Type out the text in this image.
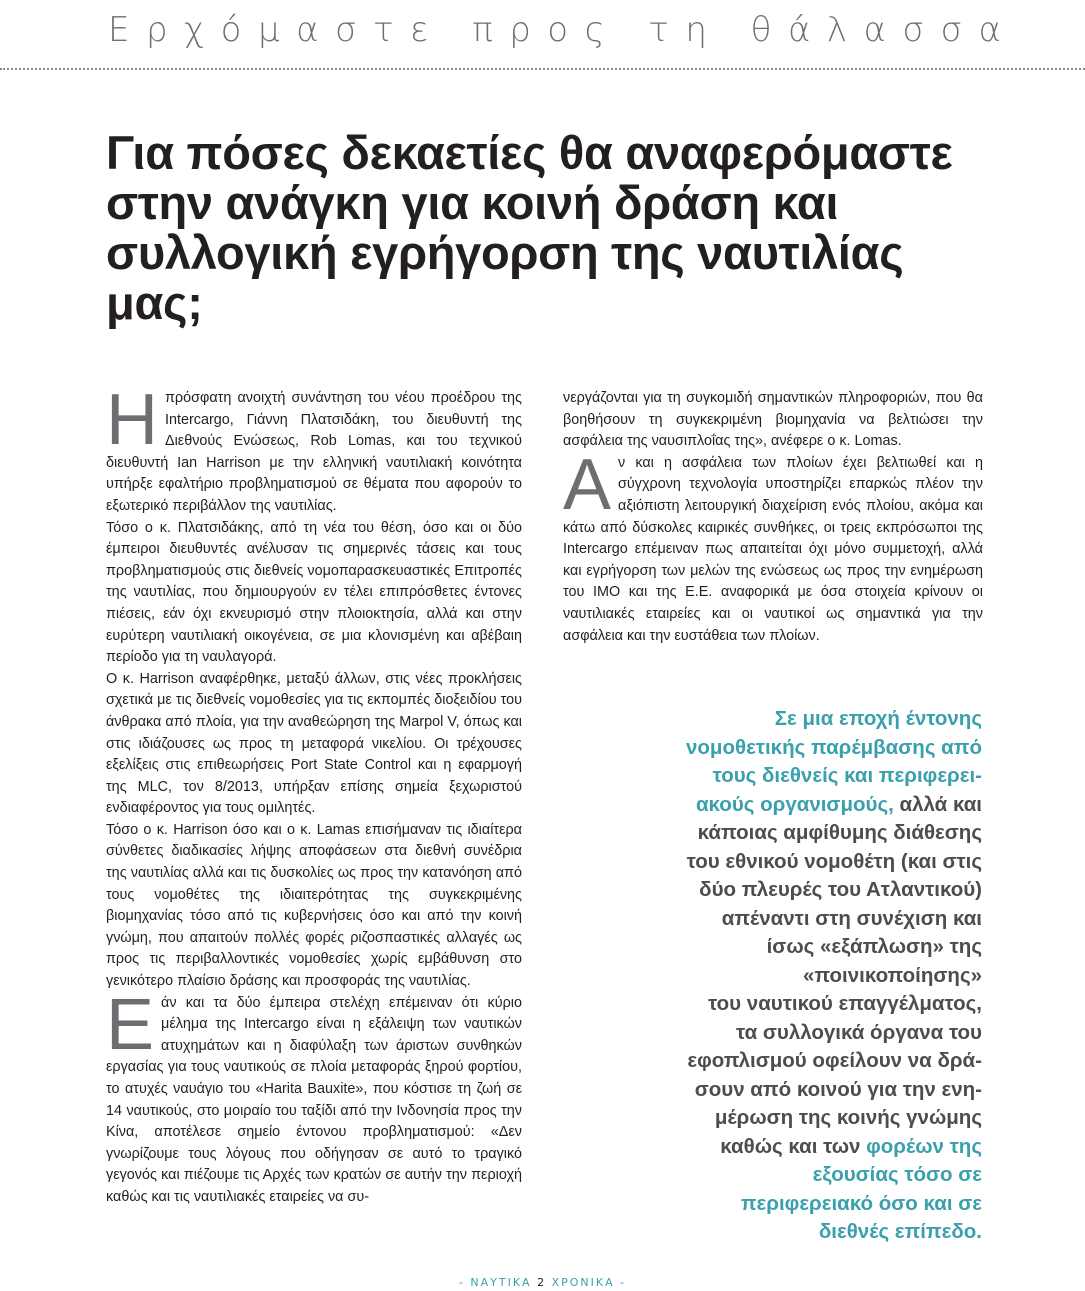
Ερχόμαστε προς τη θάλασσα
Για πόσες δεκαετίες θα αναφερόμαστε
στην ανάγκη για κοινή δράση και
συλλογική εγρήγορση της ναυτιλίας μας;

Ηπρόσφατη ανοιχτή συνάντηση του νέου προέδρου της Intercargo, Γιάννη Πλατσιδάκη, του διευθυντή της Διεθνούς Ενώσεως, Rob Lomas, και του τεχνικού διευθυντή Ian Harrison με την ελληνική ναυτιλιακή κοινότητα υπήρξε εφαλτήριο προβληματισμού σε θέματα που αφορούν το εξωτερικό περιβάλλον της ναυτιλίας.

Τόσο ο κ. Πλατσιδάκης, από τη νέα του θέση, όσο και οι δύο έμπειροι διευθυντές ανέλυσαν τις σημερινές τάσεις και τους προβληματισμούς στις διεθνείς νομοπαρασκευαστικές Επιτροπές της ναυτιλίας, που δημιουργούν εν τέλει επιπρόσθετες έντονες πιέσεις, εάν όχι εκνευρισμό στην πλοιοκτησία, αλλά και στην ευρύτερη ναυτιλιακή οικογένεια, σε μια κλονισμένη και αβέβαιη περίοδο για τη ναυλαγορά.

Ο κ. Harrison αναφέρθηκε, μεταξύ άλλων, στις νέες προκλήσεις σχετικά με τις διεθνείς νομοθεσίες για τις εκπομπές διοξειδίου του άνθρακα από πλοία, για την αναθεώρηση της Marpol V, όπως και στις ιδιάζουσες ως προς τη μεταφορά νικελίου. Οι τρέχουσες εξελίξεις στις επιθεωρήσεις Port State Control και η εφαρμογή της MLC, τον 8/2013, υπήρξαν επίσης σημεία ξεχωριστού ενδιαφέροντος για τους ομιλητές.

Τόσο ο κ. Harrison όσο και ο κ. Lamas επισήμαναν τις ιδιαίτερα σύνθετες διαδικασίες λήψης αποφάσεων στα διεθνή συνέδρια της ναυτιλίας αλλά και τις δυσκολίες ως προς την κατανόηση από τους νομοθέτες της ιδιαιτερότητας της συγκεκριμένης βιομηχανίας τόσο από τις κυβερνήσεις όσο και από την κοινή γνώμη, που απαιτούν πολλές φορές ριζοσπαστικές αλλαγές ως προς τις περιβαλλοντικές νομοθεσίες χωρίς εμβάθυνση στο γενικότερο πλαίσιο δράσης και προσφοράς της ναυτιλίας.

Εάν και τα δύο έμπειρα στελέχη επέμειναν ότι κύριο μέλημα της Intercargo είναι η εξάλειψη των ναυτικών ατυχημάτων και η διαφύλαξη των άριστων συνθηκών εργασίας για τους ναυτικούς σε πλοία μεταφοράς ξηρού φορτίου, το ατυχές ναυάγιο του «Harita Bauxite», που κόστισε τη ζωή σε 14 ναυτικούς, στο μοιραίο του ταξίδι από την Ινδονησία προς την Κίνα, αποτέλεσε σημείο έντονου προβληματισμού: «Δεν γνωρίζουμε τους λόγους που οδήγησαν σε αυτό το τραγικό γεγονός και πιέζουμε τις Αρχές των κρατών σε αυτήν την περιοχή καθώς και τις ναυτιλιακές εταιρείες να συ-

νεργάζονται για τη συγκομιδή σημαντικών πληροφοριών, που θα βοηθήσουν τη συγκεκριμένη βιομηχανία να βελτιώσει την ασφάλεια της ναυσιπλοΐας της», ανέφερε ο κ. Lomas.

Αν και η ασφάλεια των πλοίων έχει βελτιωθεί και η σύγχρονη τεχνολογία υποστηρίζει επαρκώς πλέον την αξιόπιστη λειτουργική διαχείριση ενός πλοίου, ακόμα και κάτω από δύσκολες καιρικές συνθήκες, οι τρεις εκπρόσωποι της Intercargo επέμειναν πως απαιτείται όχι μόνο συμμετοχή, αλλά και εγρήγορση των μελών της ενώσεως ως προς την ενημέρωση του ΙΜΟ και της Ε.Ε. αναφορικά με όσα στοιχεία κρίνουν οι ναυτιλιακές εταιρείες και οι ναυτικοί ως σημαντικά για την ασφάλεια και την ευστάθεια των πλοίων.

Σε μια εποχή έντονης
νομοθετικής παρέμβασης από
τους διεθνείς και περιφερει-
ακούς οργανισμούς, αλλά και
κάποιας αμφίθυμης διάθεσης
του εθνικού νομοθέτη (και στις
δύο πλευρές του Ατλαντικού)
απέναντι στη συνέχιση και
ίσως «εξάπλωση» της
«ποινικοποίησης»
του ναυτικού επαγγέλματος,
τα συλλογικά όργανα του
εφοπλισμού οφείλουν να δρά-
σουν από κοινού για την ενη-
μέρωση της κοινής γνώμης
καθώς και των φορέων της
εξουσίας τόσο σε
περιφερειακό όσο και σε
διεθνές επίπεδο.

- ΝΑΥΤΙΚΑ 2 ΧΡΟΝΙΚΑ -
